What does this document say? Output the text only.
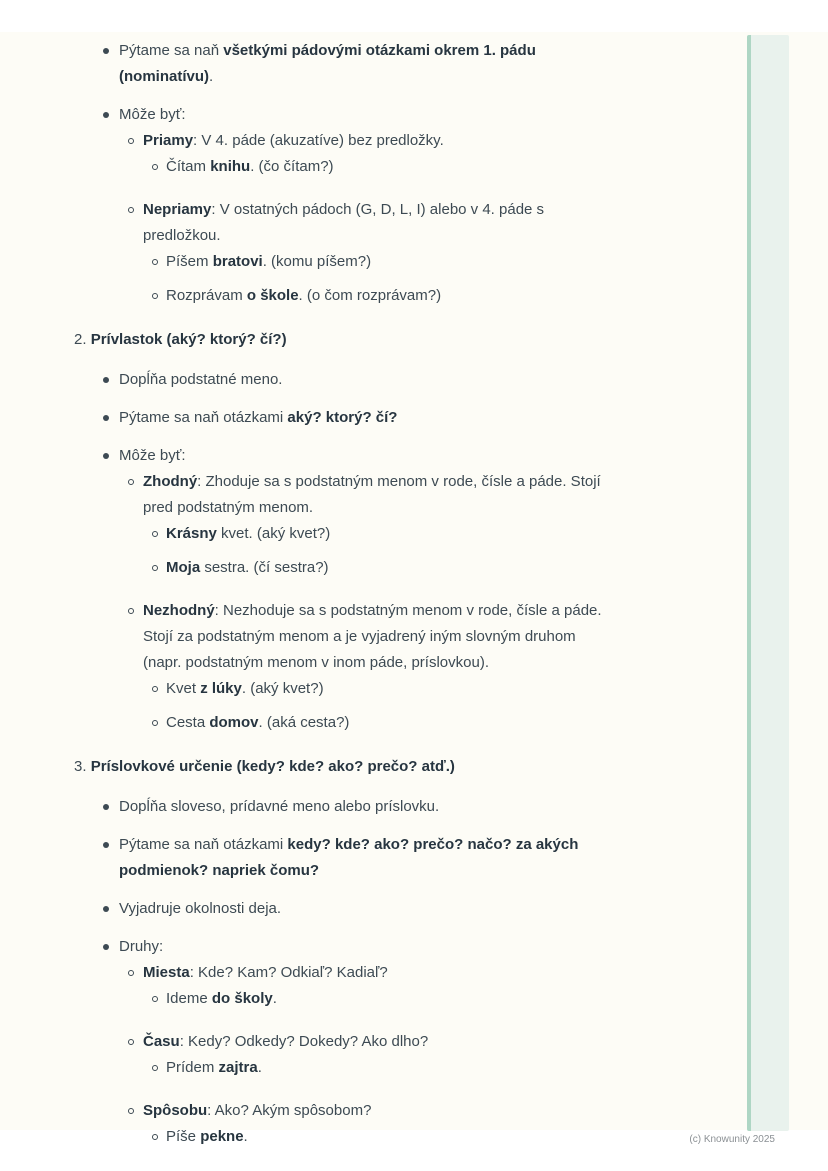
Pýtame sa naň všetkými pádovými otázkami okrem 1. pádu (nominatívu).
Môže byť:
Priamy: V 4. páde (akuzatíve) bez predložky.
Čítam knihu. (čo čítam?)
Nepriamy: V ostatných pádoch (G, D, L, I) alebo v 4. páde s predložkou.
Píšem bratovi. (komu píšem?)
Rozprávam o škole. (o čom rozprávam?)
2. Prívlastok (aký? ktorý? čí?)
Dopĺňa podstatné meno.
Pýtame sa naň otázkami aký? ktorý? čí?
Môže byť:
Zhodný: Zhoduje sa s podstatným menom v rode, čísle a páde. Stojí pred podstatným menom.
Krásny kvet. (aký kvet?)
Moja sestra. (čí sestra?)
Nezhodný: Nezhoduje sa s podstatným menom v rode, čísle a páde. Stojí za podstatným menom a je vyjadrený iným slovným druhom (napr. podstatným menom v inom páde, príslovkou).
Kvet z lúky. (aký kvet?)
Cesta domov. (aká cesta?)
3. Príslovkové určenie (kedy? kde? ako? prečo? atď.)
Dopĺňa sloveso, prídavné meno alebo príslovku.
Pýtame sa naň otázkami kedy? kde? ako? prečo? načo? za akých podmienok? napriek čomu?
Vyjadruje okolnosti deja.
Druhy:
Miesta: Kde? Kam? Odkiaľ? Kadiaľ?
Ideme do školy.
Času: Kedy? Odkedy? Dokedy? Ako dlho?
Prídem zajtra.
Spôsobu: Ako? Akým spôsobom?
Píše pekne.	(c) Knowunity 2025
